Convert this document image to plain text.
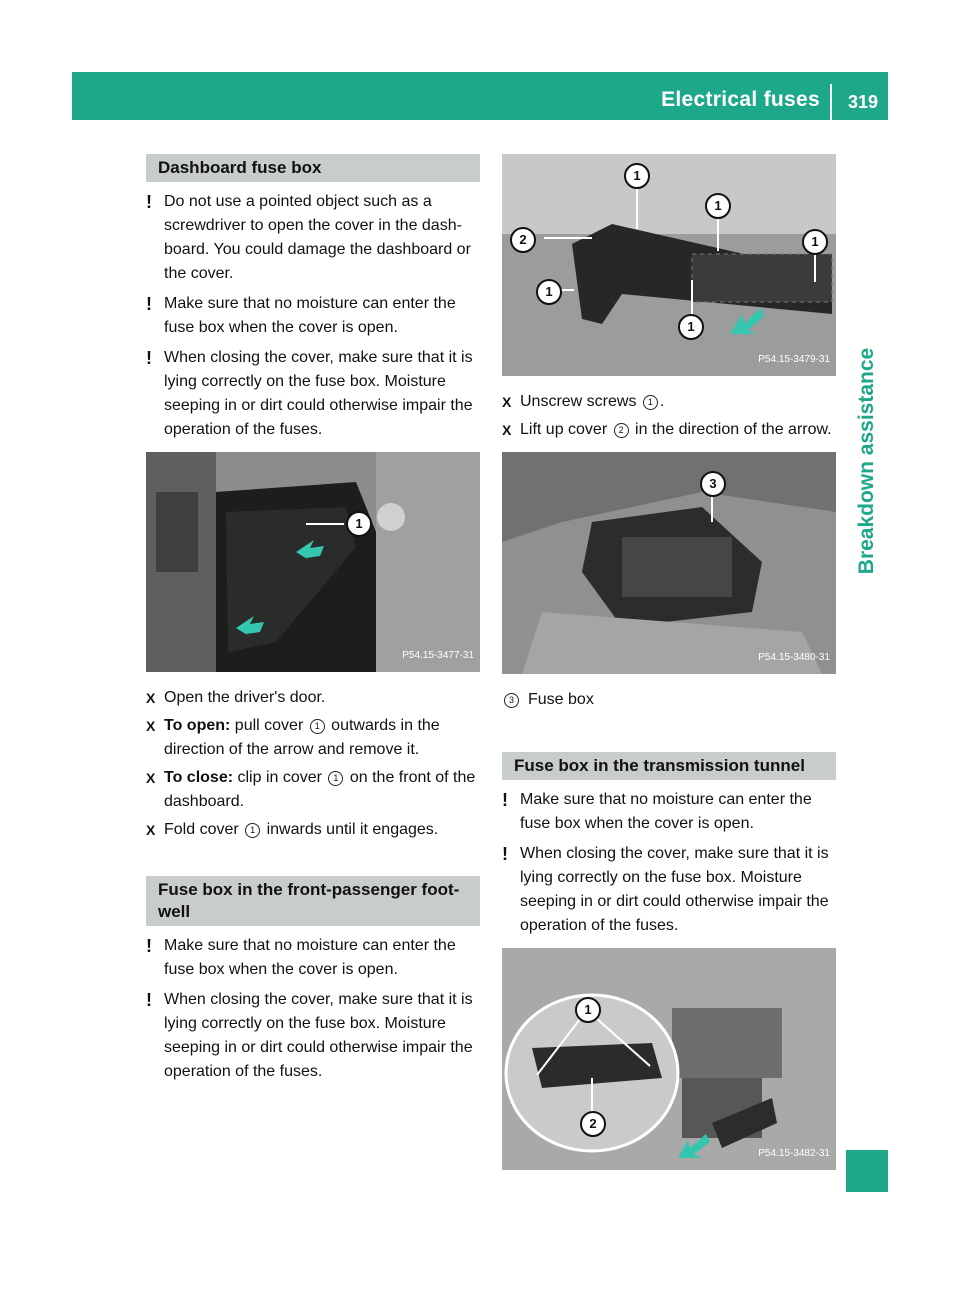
Electrical fuses 319
Breakdown assistance
Dashboard fuse box
! Do not use a pointed object such as a screwdriver to open the cover in the dash- board. You could damage the dashboard or the cover.
! Make sure that no moisture can enter the fuse box when the cover is open.
! When closing the cover, make sure that it is lying correctly on the fuse box. Moisture seeping in or dirt could otherwise impair the operation of the fuses.
1
P54.15-3477-31
X Open the driver's door.
X To open: pull cover 1 outwards in the direction of the arrow and remove it.
X To close: clip in cover 1 on the front of the dashboard.
X Fold cover 1 inwards until it engages.
Fuse box in the front-passenger foot- well
! Make sure that no moisture can enter the fuse box when the cover is open.
! When closing the cover, make sure that it is lying correctly on the fuse box. Moisture seeping in or dirt could otherwise impair the operation of the fuses.
1
1
1
2
1
1
P54.15-3479-31
X Unscrew screws 1 .
X Lift up cover 2 in the direction of the arrow.
3
P54.15-3480-31
3 Fuse box
Fuse box in the transmission tunnel
! Make sure that no moisture can enter the fuse box when the cover is open.
! When closing the cover, make sure that it is lying correctly on the fuse box. Moisture seeping in or dirt could otherwise impair the operation of the fuses.
1
2
P54.15-3482-31
